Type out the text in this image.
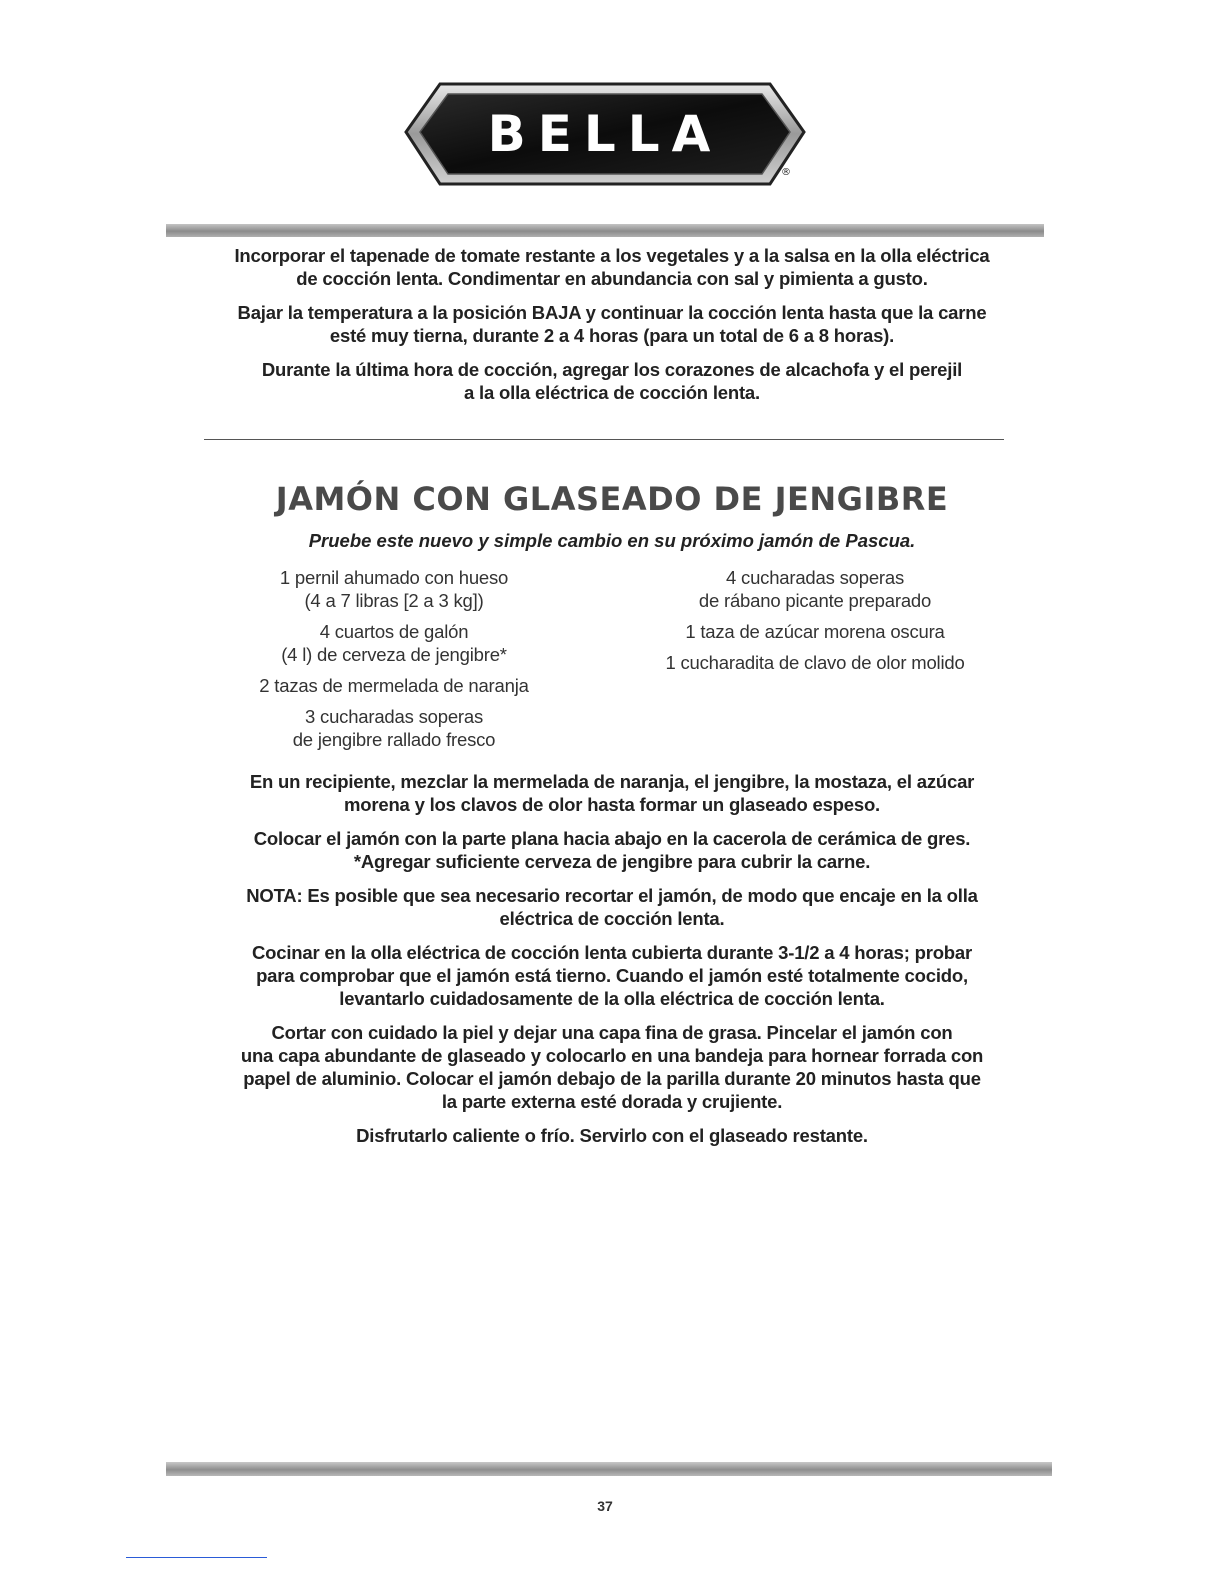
BELLA
®

Incorporar el tapenade de tomate restante a los vegetales y a la salsa en la olla eléctrica
de cocción lenta. Condimentar en abundancia con sal y pimienta a gusto.

Bajar la temperatura a la posición BAJA y continuar la cocción lenta hasta que la carne
esté muy tierna, durante 2 a 4 horas (para un total de 6 a 8 horas).

Durante la última hora de cocción, agregar los corazones de alcachofa y el perejil
a la olla eléctrica de cocción lenta.

JAMÓN CON GLASEADO DE JENGIBRE

Pruebe este nuevo y simple cambio en su próximo jamón de Pascua.

1 pernil ahumado con hueso
(4 a 7 libras [2 a 3 kg])
4 cuartos de galón
(4 l) de cerveza de jengibre*
2 tazas de mermelada de naranja
3 cucharadas soperas
de jengibre rallado fresco
4 cucharadas soperas
de rábano picante preparado
1 taza de azúcar morena oscura
1 cucharadita de clavo de olor molido

En un recipiente, mezclar la mermelada de naranja, el jengibre, la mostaza, el azúcar
morena y los clavos de olor hasta formar un glaseado espeso.

Colocar el jamón con la parte plana hacia abajo en la cacerola de cerámica de gres.
*Agregar suficiente cerveza de jengibre para cubrir la carne.

NOTA: Es posible que sea necesario recortar el jamón, de modo que encaje en la olla
eléctrica de cocción lenta.

Cocinar en la olla eléctrica de cocción lenta cubierta durante 3-1/2 a 4 horas; probar
para comprobar que el jamón está tierno. Cuando el jamón esté totalmente cocido,
levantarlo cuidadosamente de la olla eléctrica de cocción lenta.

Cortar con cuidado la piel y dejar una capa fina de grasa. Pincelar el jamón con
una capa abundante de glaseado y colocarlo en una bandeja para hornear forrada con
papel de aluminio. Colocar el jamón debajo de la parilla durante 20 minutos hasta que
la parte externa esté dorada y crujiente.

Disfrutarlo caliente o frío. Servirlo con el glaseado restante.

37
